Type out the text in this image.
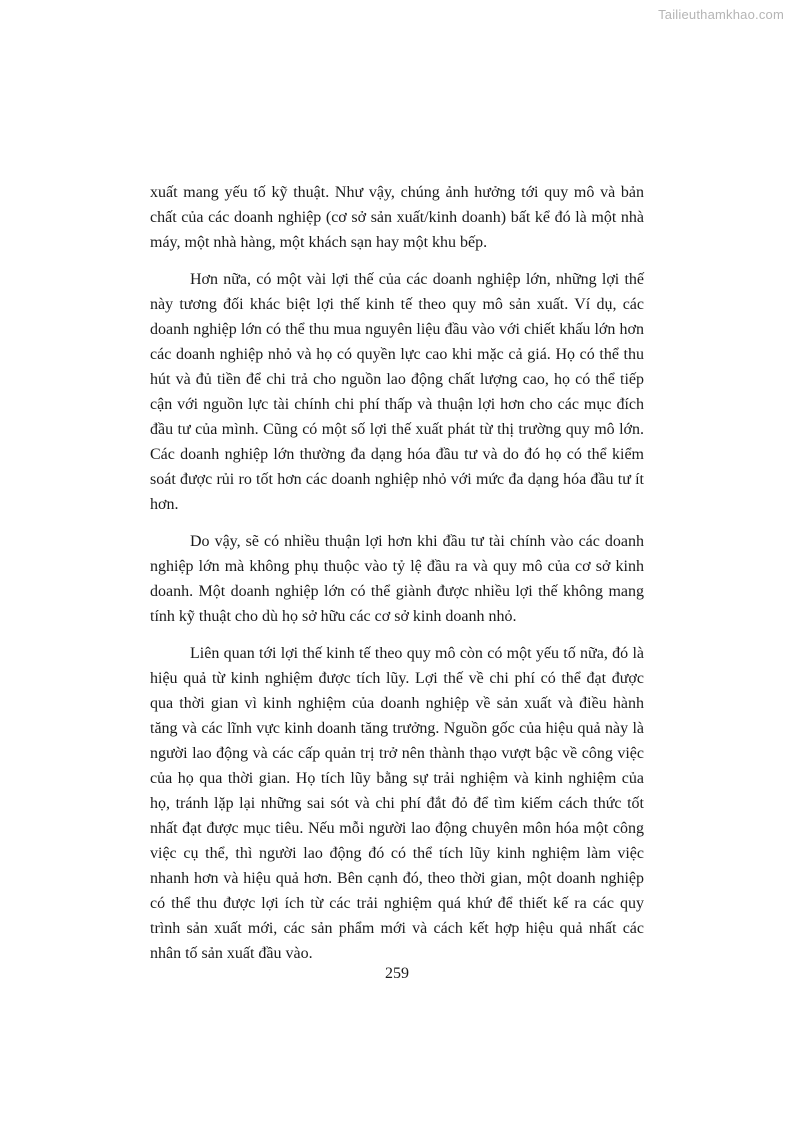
Tailieuthamkhao.com

xuất mang yếu tố kỹ thuật. Như vậy, chúng ảnh hưởng tới quy mô và bản chất của các doanh nghiệp (cơ sở sản xuất/kinh doanh) bất kể đó là một nhà máy, một nhà hàng, một khách sạn hay một khu bếp.

Hơn nữa, có một vài lợi thế của các doanh nghiệp lớn, những lợi thế này tương đối khác biệt lợi thế kinh tế theo quy mô sản xuất. Ví dụ, các doanh nghiệp lớn có thể thu mua nguyên liệu đầu vào với chiết khấu lớn hơn các doanh nghiệp nhỏ và họ có quyền lực cao khi mặc cả giá. Họ có thể thu hút và đủ tiền để chi trả cho nguồn lao động chất lượng cao, họ có thể tiếp cận với nguồn lực tài chính chi phí thấp và thuận lợi hơn cho các mục đích đầu tư của mình. Cũng có một số lợi thế xuất phát từ thị trường quy mô lớn. Các doanh nghiệp lớn thường đa dạng hóa đầu tư và do đó họ có thể kiểm soát được rủi ro tốt hơn các doanh nghiệp nhỏ với mức đa dạng hóa đầu tư ít hơn.

Do vậy, sẽ có nhiều thuận lợi hơn khi đầu tư tài chính vào các doanh nghiệp lớn mà không phụ thuộc vào tỷ lệ đầu ra và quy mô của cơ sở kinh doanh. Một doanh nghiệp lớn có thể giành được nhiều lợi thế không mang tính kỹ thuật cho dù họ sở hữu các cơ sở kinh doanh nhỏ.

Liên quan tới lợi thế kinh tế theo quy mô còn có một yếu tố nữa, đó là hiệu quả từ kinh nghiệm được tích lũy. Lợi thế về chi phí có thể đạt được qua thời gian vì kinh nghiệm của doanh nghiệp về sản xuất và điều hành tăng và các lĩnh vực kinh doanh tăng trưởng. Nguồn gốc của hiệu quả này là người lao động và các cấp quản trị trở nên thành thạo vượt bậc về công việc của họ qua thời gian. Họ tích lũy bằng sự trải nghiệm và kinh nghiệm của họ, tránh lặp lại những sai sót và chi phí đắt đỏ để tìm kiếm cách thức tốt nhất đạt được mục tiêu. Nếu mỗi người lao động chuyên môn hóa một công việc cụ thể, thì người lao động đó có thể tích lũy kinh nghiệm làm việc nhanh hơn và hiệu quả hơn. Bên cạnh đó, theo thời gian, một doanh nghiệp có thể thu được lợi ích từ các trải nghiệm quá khứ để thiết kế ra các quy trình sản xuất mới, các sản phẩm mới và cách kết hợp hiệu quả nhất các nhân tố sản xuất đầu vào.

259
